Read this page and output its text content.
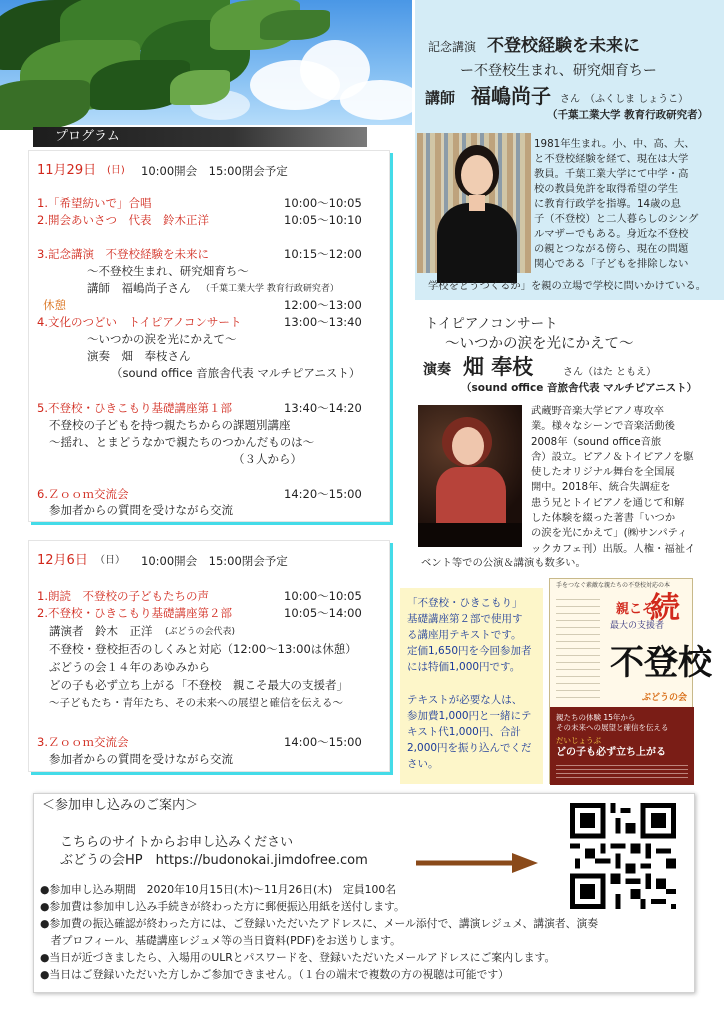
記念講演 不登校経験を未来に
ー不登校生まれ、研究畑育ちー
講師 福嶋尚子 さん （ふくしま しょうこ）
（千葉工業大学 教育行政研究者）
1981年生まれ。小、中、高、大、
と不登校経験を経て、現在は大学
教員。千葉工業大学にて中学・高
校の教員免許を取得希望の学生
に教育行政学を指導。14歳の息
子（不登校）と二人暮らしのシング
ルマザーでもある。身近な不登校
の親とつながる傍ら、現在の問題
関心である「子どもを排除しない
学校をどうつくるか」を親の立場で学校に問いかけている。
トイピアノコンサート
～いつかの涙を光にかえて～
演奏 畑 奉枝	さん （はた ともえ）
（sound office 音旅舎代表 マルチピアニスト）
武蔵野音楽大学ピアノ専攻卒
業。様々なシーンで音楽活動後
2008年（sound office音旅
舎）設立。ピアノ＆トイピアノを駆
使したオリジナル舞台を全国展
開中。2018年、統合失調症を
患う兄とトイピアノを通じて和解
した体験を綴った著書「いつか
の涙を光にかえて」(㈱サンパティ
ックカフェ刊）出版。人権・福祉イ
ベント等での公演＆講演も数多い。
プログラム
11月29日 (日) 10:00開会　15:00閉会予定
1.「希望紡いで」合唱	10:00～10:05
2.開会あいさつ　代表　鈴木正洋	10:05～10:10
3.記念講演　不登校経験を未来に	10:15～12:00
～不登校生まれ、研究畑育ち～
講師　福嶋尚子さん （千葉工業大学 教育行政研究者）
休憩	12:00～13:00
4.文化のつどい　トイピアノコンサート	13:00～13:40
～いつかの涙を光にかえて～
演奏　畑　奉枝さん
（sound office 音旅舎代表 マルチピアニスト）
5.不登校・ひきこもり基礎講座第１部	13:40～14:20
不登校の子どもを持つ親たちからの課題別講座
～揺れ、とまどうなかで親たちのつかんだものは～
（３人から）
6.Ｚｏｏｍ交流会	14:20～15:00
参加者からの質問を受けながら交流
12月6日 （日） 10:00開会　15:00閉会予定
1.朗読　不登校の子どもたちの声	10:00～10:05
2.不登校・ひきこもり基礎講座第２部	10:05～14:00
講演者　鈴木　正洋 (ぶどうの会代表)
不登校・登校拒否のしくみと対応（12:00～13:00は休憩）
ぶどうの会１４年のあゆみから
どの子も必ず立ち上がる「不登校　親こそ最大の支援者」
～子どもたち・青年たち、その未来への展望と確信を伝える～
3.Ｚｏｏｍ交流会	14:00～15:00
参加者からの質問を受けながら交流
「不登校・ひきこもり」
基礎講座第２部で使用す
る講座用テキストです。
定価1,650円を今回参加者
には特価1,000円です。
テキストが必要な人は、
参加費1,000円と一緒にテ
キスト代1,000円、合計
2,000円を振り込んでくだ
さい。
手をつなぐ素敵な親たちの不登校対応の本
続
親こそ
最大の支援者
不登校
ぶどうの会
親たちの体験 15年から
その未来への展望と確信を伝える
だいじょうぶ
どの子も必ず立ち上がる
＜参加申し込みのご案内＞
こちらのサイトからお申し込みください
ぶどうの会HP　https://budonokai.jimdofree.com
●参加申し込み期間　2020年10月15日(木)～11月26日(木)　定員100名
●参加費は参加申し込み手続きが終わった方に郵便振込用紙を送付します。
●参加費の振込確認が終わった方には、ご登録いただいたアドレスに、メール添付で、講演レジュメ、講演者、演奏
　者プロフィール、基礎講座レジュメ等の当日資料(PDF)をお送りします。
●当日が近づきましたら、入場用のULRとパスワードを、登録いただいたメールアドレスにご案内します。
●当日はご登録いただいた方しかご参加できません。（１台の端末で複数の方の視聴は可能です）
